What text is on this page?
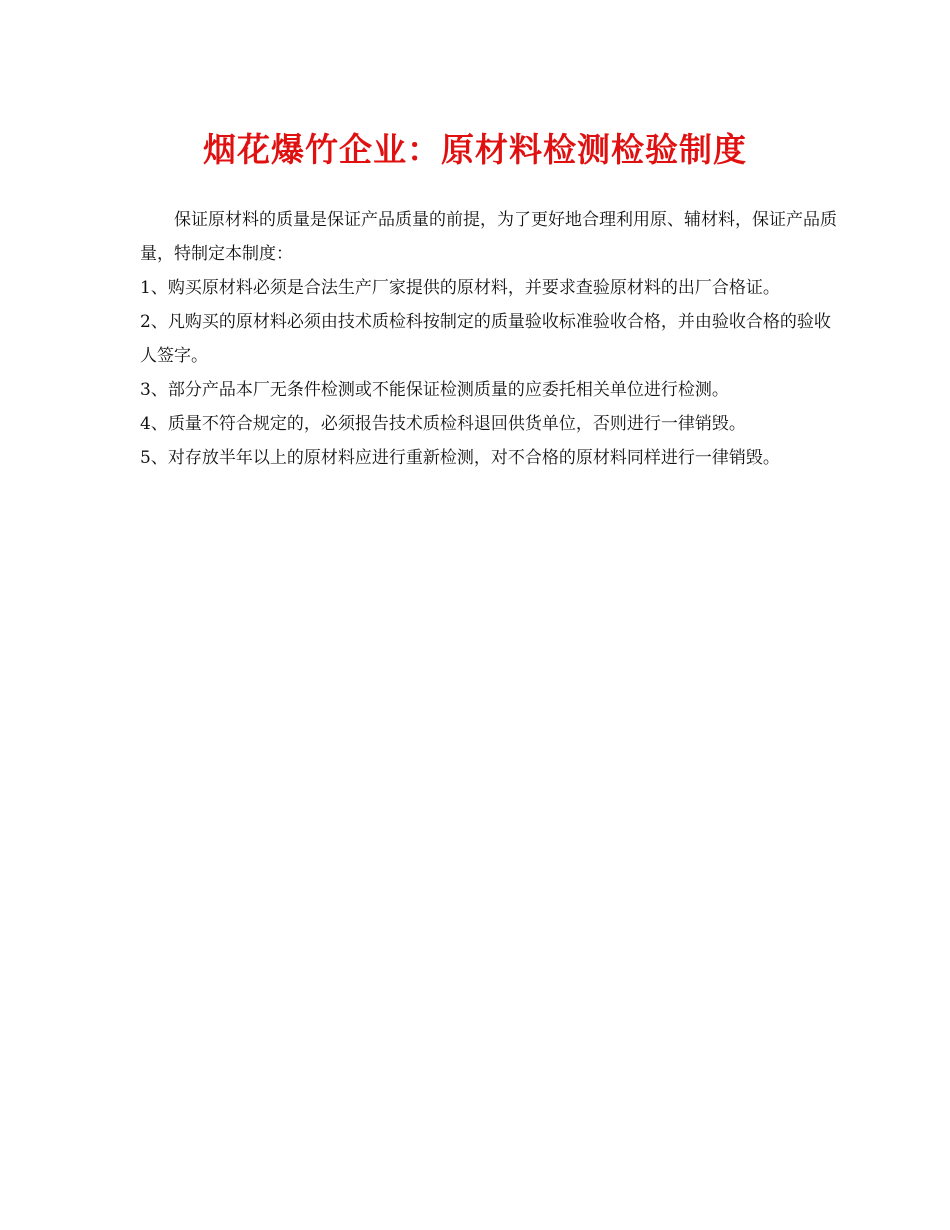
烟花爆竹企业：原材料检测检验制度

保证原材料的质量是保证产品质量的前提，为了更好地合理利用原、辅材料，保证产品质量，特制定本制度：

1、购买原材料必须是合法生产厂家提供的原材料，并要求查验原材料的出厂合格证。

2、凡购买的原材料必须由技术质检科按制定的质量验收标准验收合格，并由验收合格的验收人签字。

3、部分产品本厂无条件检测或不能保证检测质量的应委托相关单位进行检测。

4、质量不符合规定的，必须报告技术质检科退回供货单位，否则进行一律销毁。

5、对存放半年以上的原材料应进行重新检测，对不合格的原材料同样进行一律销毁。
